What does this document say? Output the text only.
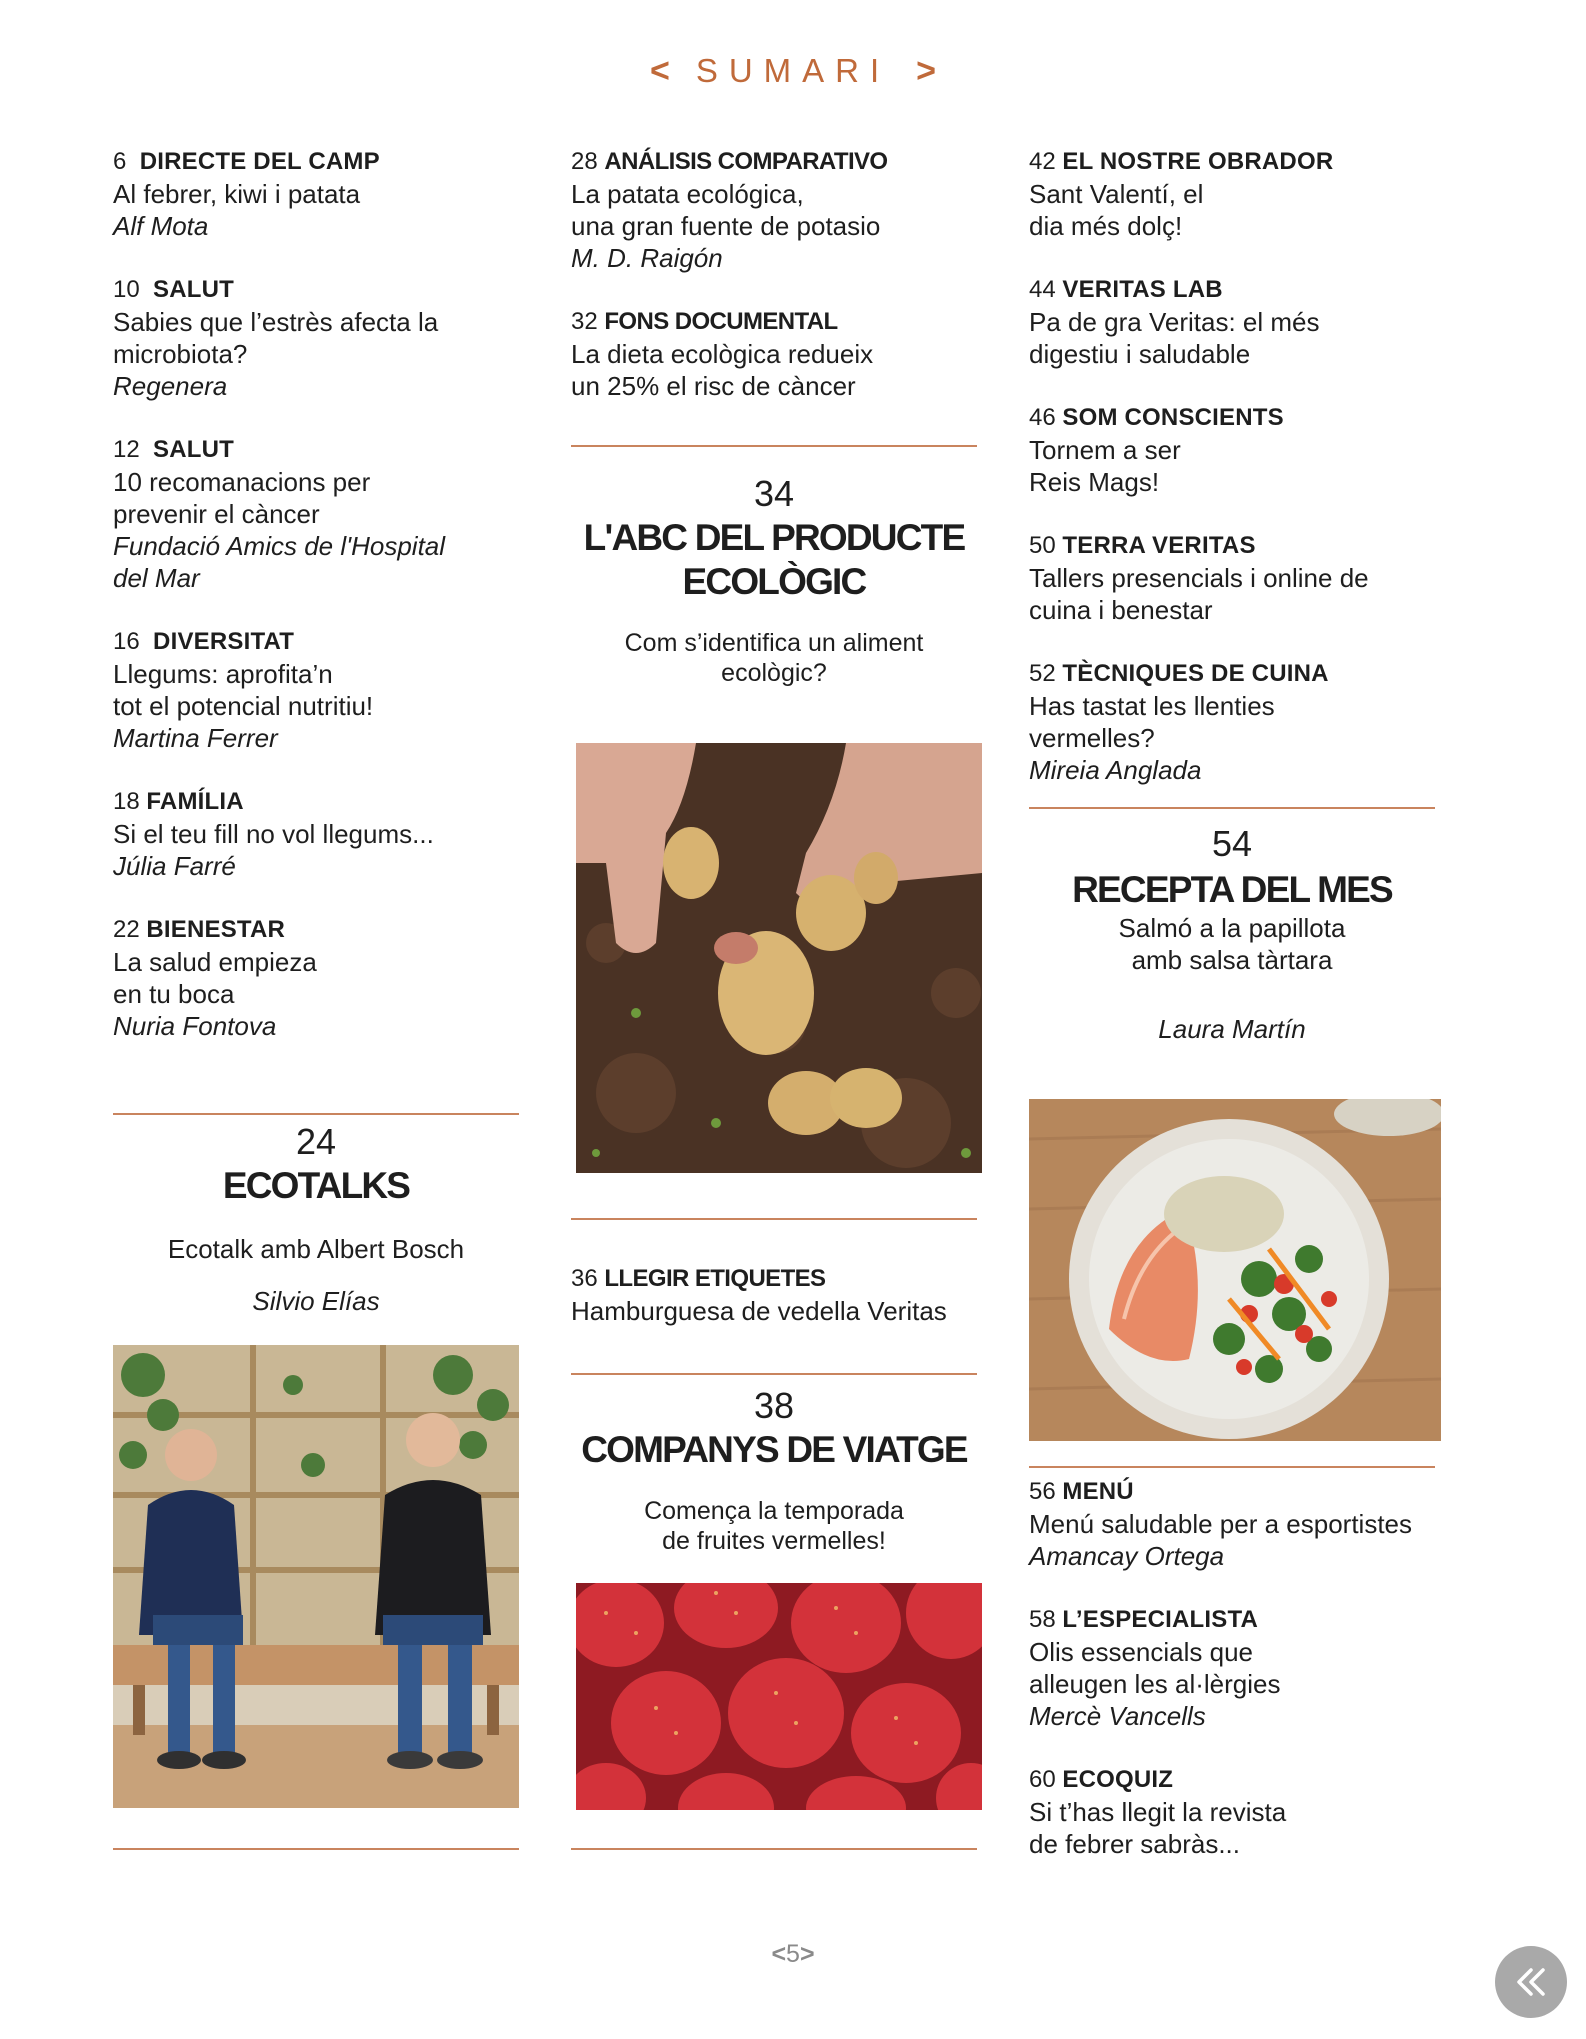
< SUMARI >
6 DIRECTE DEL CAMP
Al febrer, kiwi i patata
Alf Mota
10 SALUT
Sabies que l’estrès afecta la
microbiota?
Regenera
12 SALUT
10 recomanacions per
prevenir el càncer
Fundació Amics de l'Hospital
del Mar
16 DIVERSITAT
Llegums: aprofita’n
tot el potencial nutritiu!
Martina Ferrer
18 FAMÍLIA
Si el teu fill no vol llegums...
Júlia Farré
22 BIENESTAR
La salud empieza
en tu boca
Nuria Fontova
24
ECOTALKS
Ecotalk amb Albert Bosch
Silvio Elías
28 ANÁLISIS COMPARATIVO
La patata ecológica,
una gran fuente de potasio
M. D. Raigón
32 FONS DOCUMENTAL
La dieta ecològica redueix
un 25% el risc de càncer
34
L'ABC DEL PRODUCTE
ECOLÒGIC
Com s’identifica un aliment
ecològic?
36 LLEGIR ETIQUETES
Hamburguesa de vedella Veritas
38
COMPANYS DE VIATGE
Comença la temporada
de fruites vermelles!
42 EL NOSTRE OBRADOR
Sant Valentí, el
dia més dolç!
44 VERITAS LAB
Pa de gra Veritas: el més
digestiu i saludable
46 SOM CONSCIENTS
Tornem a ser
Reis Mags!
50 TERRA VERITAS
Tallers presencials i online de
cuina i benestar
52 TÈCNIQUES DE CUINA
Has tastat les llenties
vermelles?
Mireia Anglada
54
RECEPTA DEL MES
Salmó a la papillota
amb salsa tàrtara
Laura Martín
56 MENÚ
Menú saludable per a esportistes
Amancay Ortega
58 L’ESPECIALISTA
Olis essencials que
alleugen les al·lèrgies
Mercè Vancells
60 ECOQUIZ
Si t’has llegit la revista
de febrer sabràs...
<5>
